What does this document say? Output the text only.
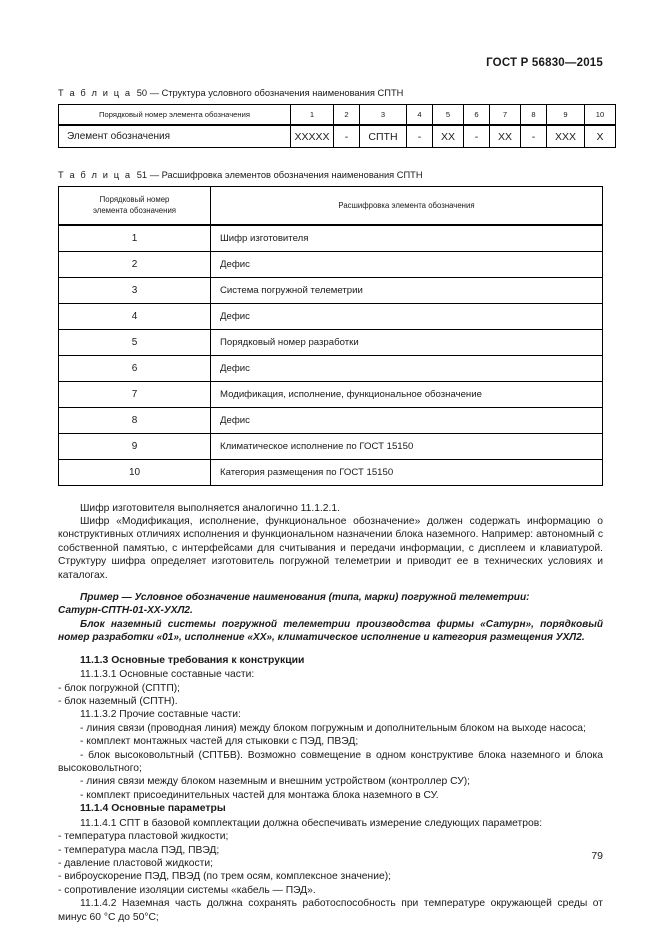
ГОСТ Р 56830—2015
Т а б л и ц а 50 — Структура условного обозначения наименования СПТН
Порядковый номер элемента обозначения	1	2	3	4	5	6	7	8	9	10
Элемент обозначения	XXXXX	-	СПТН	-	XX	-	XX	-	XXX	X
Т а б л и ц а 51 — Расшифровка элементов обозначения наименования СПТН
Порядковый номер
элемента обозначения	Расшифровка элемента обозначения
1	Шифр изготовителя
2	Дефис
3	Система погружной телеметрии
4	Дефис
5	Порядковый номер разработки
6	Дефис
7	Модификация, исполнение, функциональное обозначение
8	Дефис
9	Климатическое исполнение по ГОСТ 15150
10	Категория размещения по ГОСТ 15150

Шифр изготовителя выполняется аналогично 11.1.2.1.

Шифр «Модификация, исполнение, функциональное обозначение» должен содержать информацию о конструктивных отличиях исполнения и функциональном назначении блока наземного. Например: автономный с собственной памятью, с интерфейсами для считывания и передачи информации, с дисплеем и клавиатурой. Структуру шифра определяет изготовитель погружной телеметрии и приводит ее в технических условиях и каталогах.

Пример — Условное обозначение наименования (типа, марки) погружной телеметрии:

Сатурн-СПТН-01-ХХ-УХЛ2.

Блок наземный системы погружной телеметрии производства фирмы «Сатурн», порядковый номер разработки «01», исполнение «ХХ», климатическое исполнение и категория размещения УХЛ2.

11.1.3 Основные требования к конструкции

11.1.3.1 Основные составные части:

- блок погружной (СПТП);

- блок наземный (СПТН).

11.1.3.2 Прочие составные части:

- линия связи (проводная линия) между блоком погружным и дополнительным блоком на выходе насоса;

- комплект монтажных частей для стыковки с ПЭД, ПВЭД;

- блок высоковольтный (СПТБВ). Возможно совмещение в одном конструктиве блока наземного и блока высоковольтного;

- линия связи между блоком наземным и внешним устройством (контроллер СУ);

- комплект присоединительных частей для монтажа блока наземного в СУ.

11.1.4 Основные параметры

11.1.4.1 СПТ в базовой комплектации должна обеспечивать измерение следующих параметров:

- температура пластовой жидкости;

- температура масла ПЭД, ПВЭД;

- давление пластовой жидкости;

- виброускорение ПЭД, ПВЭД (по трем осям, комплексное значение);

- сопротивление изоляции системы «кабель — ПЭД».

11.1.4.2 Наземная часть должна сохранять работоспособность при температуре окружающей среды от минус 60 °С до 50°С;

79
